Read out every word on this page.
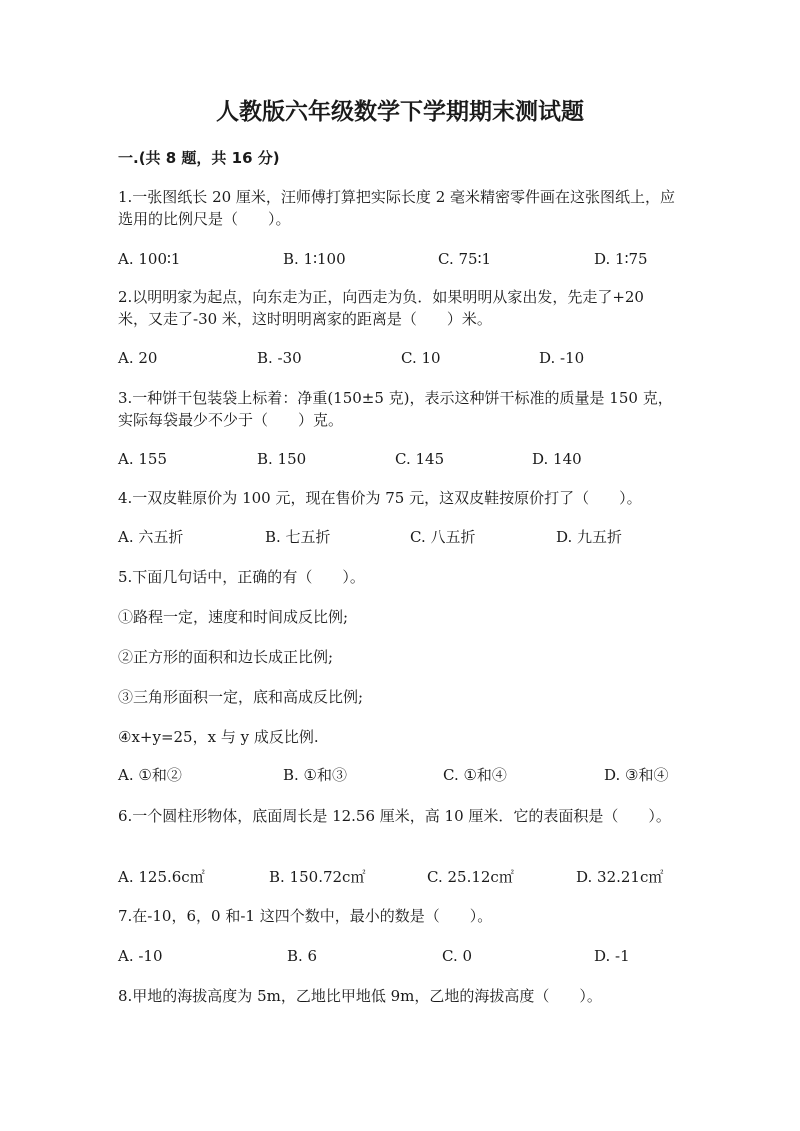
人教版六年级数学下学期期末测试题
一.(共 8 题，共 16 分)

1.一张图纸长 20 厘米，汪师傅打算把实际长度 2 毫米精密零件画在这张图纸上，应选用的比例尺是（　　）。

A. 100∶1	B. 1∶100	C. 75∶1	D. 1∶75

2.以明明家为起点，向东走为正，向西走为负．如果明明从家出发，先走了+20 米，又走了-30 米，这时明明离家的距离是（　　）米。

A. 20	B. -30	C. 10	D. -10

3.一种饼干包装袋上标着：净重(150±5 克)，表示这种饼干标准的质量是 150 克，实际每袋最少不少于（　　）克。

A. 155	B. 150	C. 145	D. 140

4.一双皮鞋原价为 100 元，现在售价为 75 元，这双皮鞋按原价打了（　　）。

A. 六五折	B. 七五折	C. 八五折	D. 九五折

5.下面几句话中，正确的有（　　）。

①路程一定，速度和时间成反比例;

②正方形的面积和边长成正比例;

③三角形面积一定，底和高成反比例;

④x+y=25，x 与 y 成反比例.

A. ①和②	B. ①和③	C. ①和④	D. ③和④

6.一个圆柱形物体，底面周长是 12.56 厘米，高 10 厘米．它的表面积是（　　）。

A. 125.6c㎡	B. 150.72c㎡	C. 25.12c㎡	D. 32.21c㎡

7.在-10，6，0 和-1 这四个数中，最小的数是（　　）。

A. -10	B. 6	C. 0	D. -1

8.甲地的海拔高度为 5m，乙地比甲地低 9m，乙地的海拔高度（　　）。
